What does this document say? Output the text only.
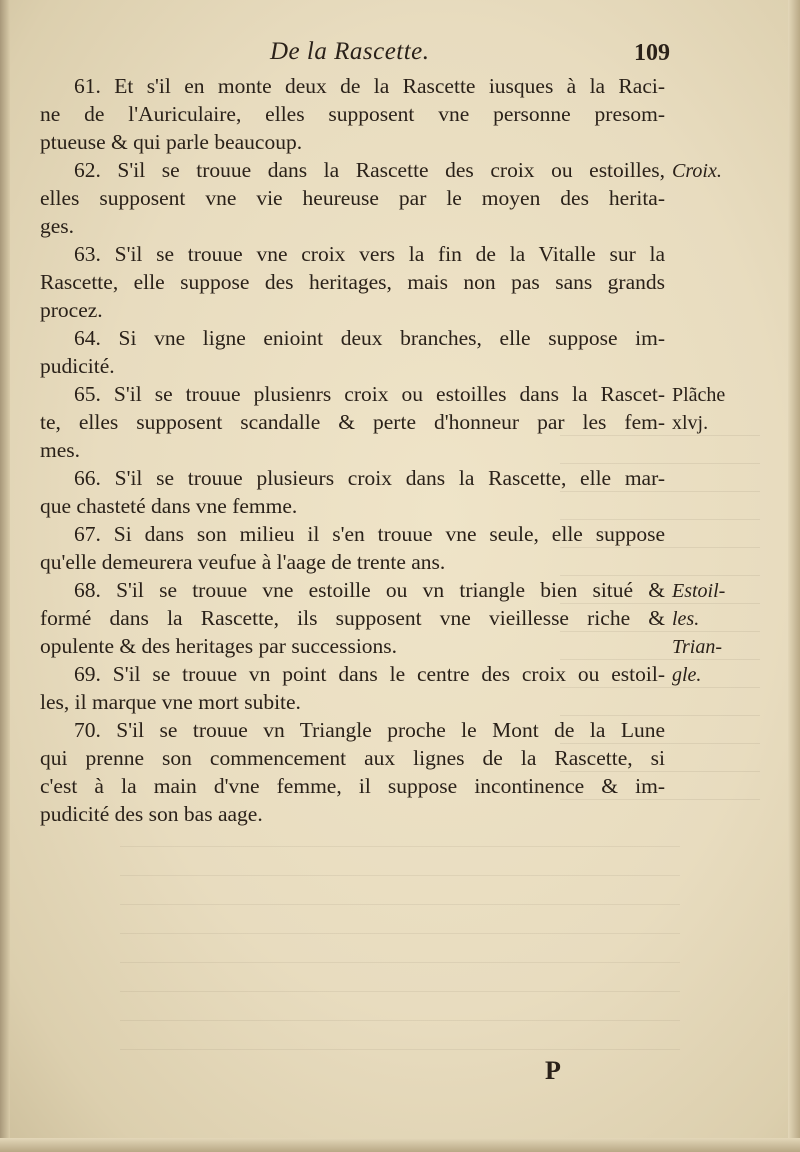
De la Rascette.	109
61. Et s'il en monte deux de la Rascette iusques à la Raci-
ne de l'Auriculaire, elles supposent vne personne presom-
ptueuse & qui parle beaucoup.
62. S'il se trouue dans la Rascette des croix ou estoilles,
elles supposent vne vie heureuse par le moyen des herita-
ges.
63. S'il se trouue vne croix vers la fin de la Vitalle sur la
Rascette, elle suppose des heritages, mais non pas sans grands
procez.
64. Si vne ligne enioint deux branches, elle suppose im-
pudicité.
65. S'il se trouue plusienrs croix ou estoilles dans la Rascet-
te, elles supposent scandalle & perte d'honneur par les fem-
mes.
66. S'il se trouue plusieurs croix dans la Rascette, elle mar-
que chasteté dans vne femme.
67. Si dans son milieu il s'en trouue vne seule, elle suppose
qu'elle demeurera veufue à l'aage de trente ans.
68. S'il se trouue vne estoille ou vn triangle bien situé &
formé dans la Rascette, ils supposent vne vieillesse riche &
opulente & des heritages par successions.
69. S'il se trouue vn point dans le centre des croix ou estoil-
les, il marque vne mort subite.
70. S'il se trouue vn Triangle proche le Mont de la Lune
qui prenne son commencement aux lignes de la Rascette, si
c'est à la main d'vne femme, il suppose incontinence & im-
pudicité des son bas aage.
Croix.
Plãche
xlvj.
Estoil-
les.
Trian-
gle.
P
